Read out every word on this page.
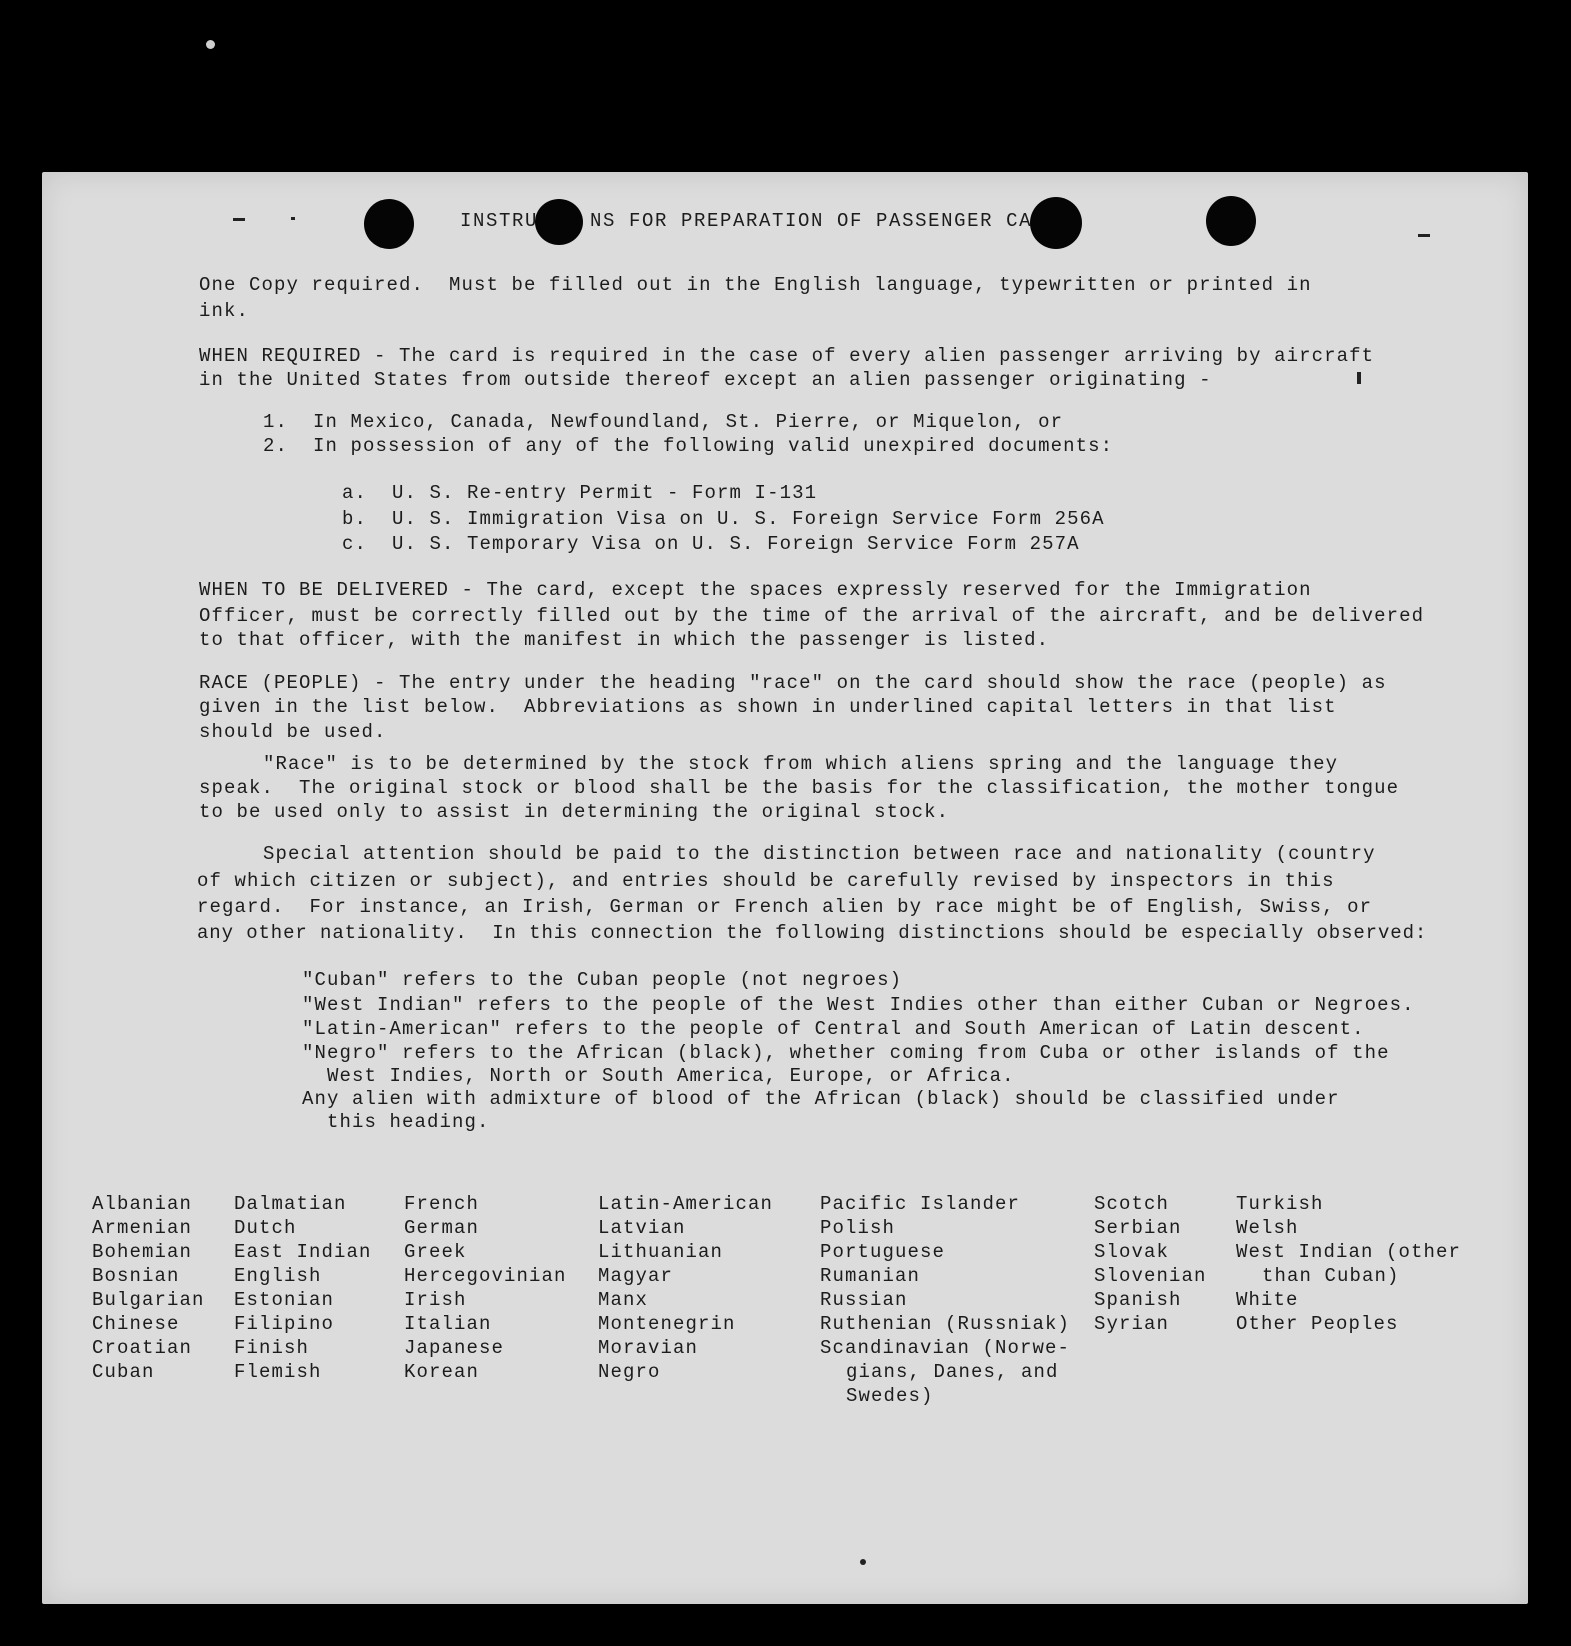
INSTRU    NS FOR PREPARATION OF PASSENGER CA
One Copy required.  Must be filled out in the English language, typewritten or printed in
ink.
WHEN REQUIRED - The card is required in the case of every alien passenger arriving by aircraft
in the United States from outside thereof except an alien passenger originating -
1.  In Mexico, Canada, Newfoundland, St. Pierre, or Miquelon, or
2.  In possession of any of the following valid unexpired documents:
a.  U. S. Re-entry Permit - Form I-131
b.  U. S. Immigration Visa on U. S. Foreign Service Form 256A
c.  U. S. Temporary Visa on U. S. Foreign Service Form 257A
WHEN TO BE DELIVERED - The card, except the spaces expressly reserved for the Immigration
Officer, must be correctly filled out by the time of the arrival of the aircraft, and be delivered
to that officer, with the manifest in which the passenger is listed.
RACE (PEOPLE) - The entry under the heading "race" on the card should show the race (people) as
given in the list below.  Abbreviations as shown in underlined capital letters in that list
should be used.
"Race" is to be determined by the stock from which aliens spring and the language they
speak.  The original stock or blood shall be the basis for the classification, the mother tongue
to be used only to assist in determining the original stock.
Special attention should be paid to the distinction between race and nationality (country
of which citizen or subject), and entries should be carefully revised by inspectors in this
regard.  For instance, an Irish, German or French alien by race might be of English, Swiss, or
any other nationality.  In this connection the following distinctions should be especially observed:
"Cuban" refers to the Cuban people (not negroes)
"West Indian" refers to the people of the West Indies other than either Cuban or Negroes.
"Latin-American" refers to the people of Central and South American of Latin descent.
"Negro" refers to the African (black), whether coming from Cuba or other islands of the
West Indies, North or South America, Europe, or Africa.
Any alien with admixture of blood of the African (black) should be classified under
this heading.
Albanian
Armenian
Bohemian
Bosnian
Bulgarian
Chinese
Croatian
Cuban
Dalmatian
Dutch
East Indian
English
Estonian
Filipino
Finish
Flemish
French
German
Greek
Hercegovinian
Irish
Italian
Japanese
Korean
Latin-American
Latvian
Lithuanian
Magyar
Manx
Montenegrin
Moravian
Negro
Pacific Islander
Polish
Portuguese
Rumanian
Russian
Ruthenian (Russniak)
Scandinavian (Norwe-
gians, Danes, and
Swedes)
Scotch
Serbian
Slovak
Slovenian
Spanish
Syrian
Turkish
Welsh
West Indian (other
than Cuban)
White
Other Peoples
